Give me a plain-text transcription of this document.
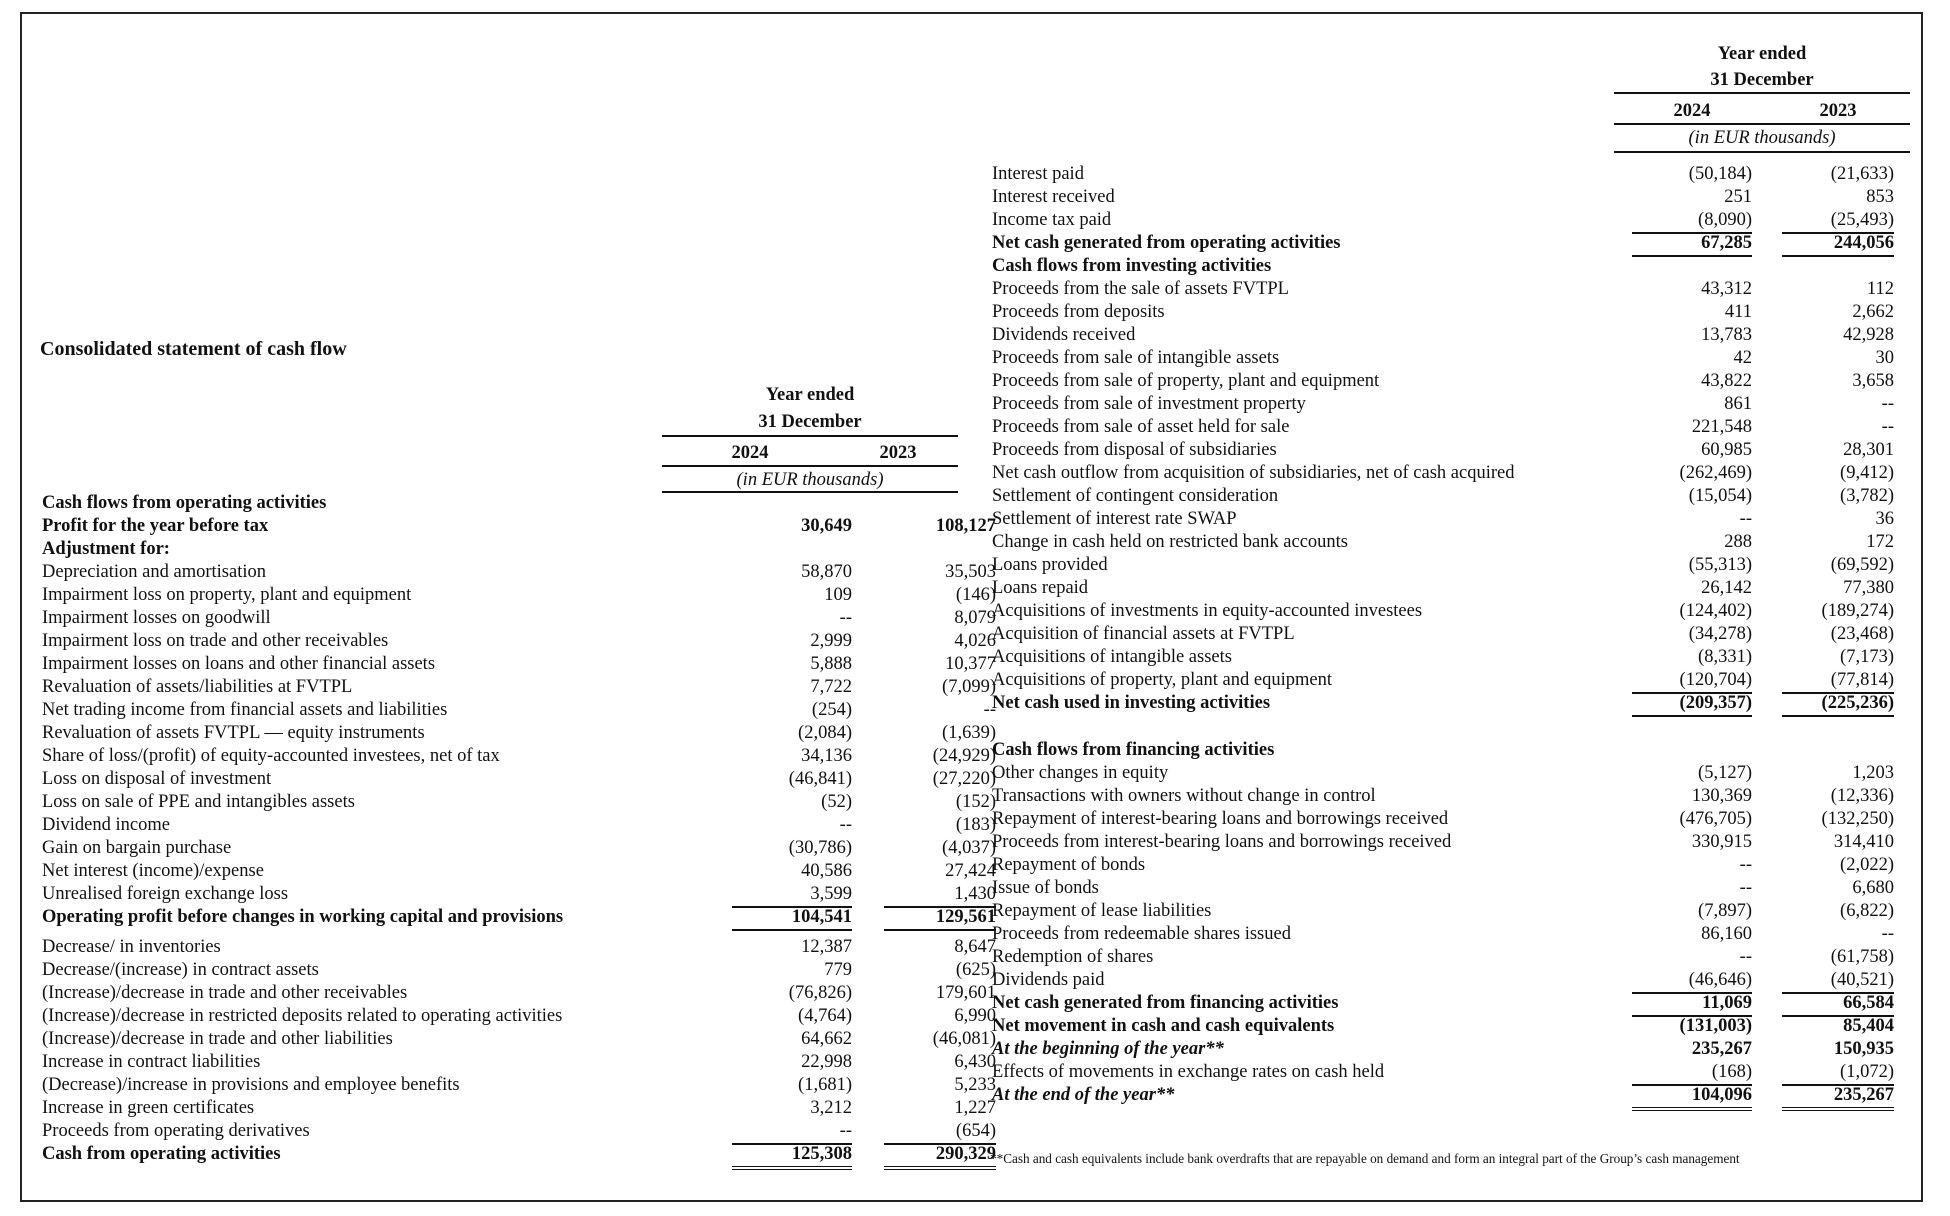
Consolidated statement of cash flow
Year ended
31 December
2024	2023
(in EUR thousands)
Year ended
31 December
2024	2023
(in EUR thousands)
Cash flows from operating activities
Profit for the year before tax	30,649	108,127
Adjustment for:
Depreciation and amortisation	58,870	35,503
Impairment loss on property, plant and equipment	109	(146)
Impairment losses on goodwill	--	8,079
Impairment loss on trade and other receivables	2,999	4,026
Impairment losses on loans and other financial assets	5,888	10,377
Revaluation of assets/liabilities at FVTPL	7,722	(7,099)
Net trading income from financial assets and liabilities	(254)	--
Revaluation of assets FVTPL — equity instruments	(2,084)	(1,639)
Share of loss/(profit) of equity-accounted investees, net of tax	34,136	(24,929)
Loss on disposal of investment	(46,841)	(27,220)
Loss on sale of PPE and intangibles assets	(52)	(152)
Dividend income	--	(183)
Gain on bargain purchase	(30,786)	(4,037)
Net interest (income)/expense	40,586	27,424
Unrealised foreign exchange loss	3,599	1,430
Operating profit before changes in working capital and provisions	104,541	129,561
Decrease/ in inventories	12,387	8,647
Decrease/(increase) in contract assets	779	(625)
(Increase)/decrease in trade and other receivables	(76,826)	179,601
(Increase)/decrease in restricted deposits related to operating activities	(4,764)	6,990
(Increase)/decrease in trade and other liabilities	64,662	(46,081)
Increase in contract liabilities	22,998	6,430
(Decrease)/increase in provisions and employee benefits	(1,681)	5,233
Increase in green certificates	3,212	1,227
Proceeds from operating derivatives	--	(654)
Cash from operating activities	125,308	290,329
Interest paid	(50,184)	(21,633)
Interest received	251	853
Income tax paid	(8,090)	(25,493)
Net cash generated from operating activities	67,285	244,056
Cash flows from investing activities
Proceeds from the sale of assets FVTPL	43,312	112
Proceeds from deposits	411	2,662
Dividends received	13,783	42,928
Proceeds from sale of intangible assets	42	30
Proceeds from sale of property, plant and equipment	43,822	3,658
Proceeds from sale of investment property	861	--
Proceeds from sale of asset held for sale	221,548	--
Proceeds from disposal of subsidiaries	60,985	28,301
Net cash outflow from acquisition of subsidiaries, net of cash acquired	(262,469)	(9,412)
Settlement of contingent consideration	(15,054)	(3,782)
Settlement of interest rate SWAP	--	36
Change in cash held on restricted bank accounts	288	172
Loans provided	(55,313)	(69,592)
Loans repaid	26,142	77,380
Acquisitions of investments in equity-accounted investees	(124,402)	(189,274)
Acquisition of financial assets at FVTPL	(34,278)	(23,468)
Acquisitions of intangible assets	(8,331)	(7,173)
Acquisitions of property, plant and equipment	(120,704)	(77,814)
Net cash used in investing activities	(209,357)	(225,236)
Cash flows from financing activities
Other changes in equity	(5,127)	1,203
Transactions with owners without change in control	130,369	(12,336)
Repayment of interest-bearing loans and borrowings received	(476,705)	(132,250)
Proceeds from interest-bearing loans and borrowings received	330,915	314,410
Repayment of bonds	--	(2,022)
Issue of bonds	--	6,680
Repayment of lease liabilities	(7,897)	(6,822)
Proceeds from redeemable shares issued	86,160	--
Redemption of shares	--	(61,758)
Dividends paid	(46,646)	(40,521)
Net cash generated from financing activities	11,069	66,584
Net movement in cash and cash equivalents	(131,003)	85,404
At the beginning of the year**	235,267	150,935
Effects of movements in exchange rates on cash held	(168)	(1,072)
At the end of the year**	104,096	235,267
**Cash and cash equivalents include bank overdrafts that are repayable on demand and form an integral part of the Group’s cash management
